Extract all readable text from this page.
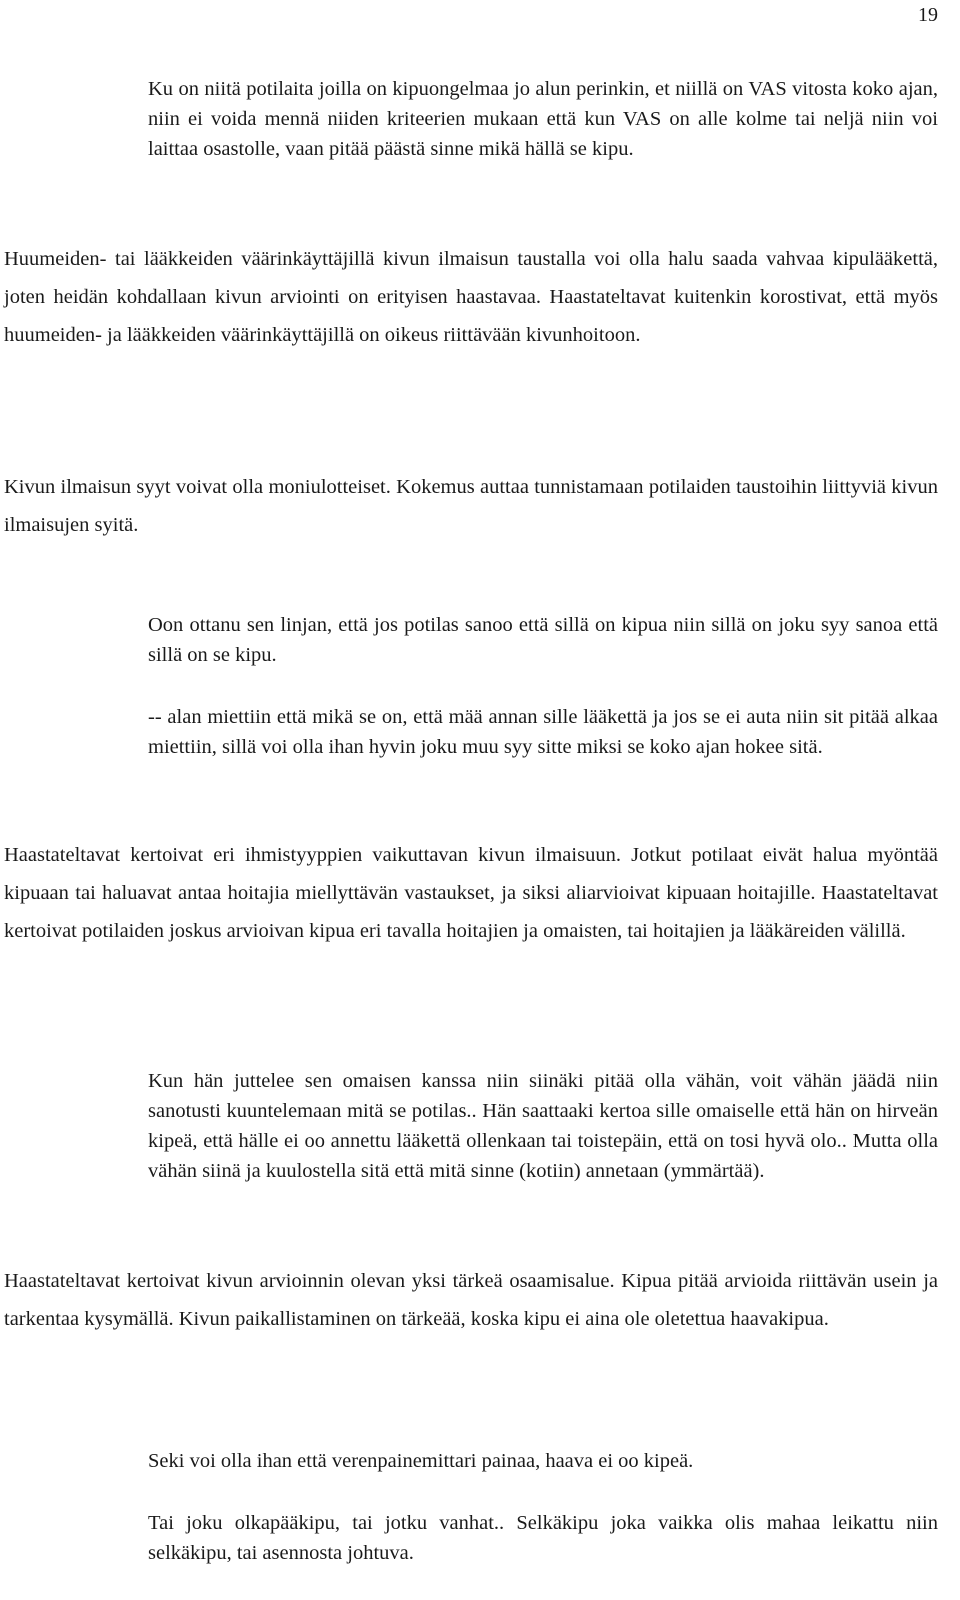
19

Ku on niitä potilaita joilla on kipuongelmaa jo alun perinkin, et niillä on VAS vitosta koko ajan, niin ei voida mennä niiden kriteerien mukaan että kun VAS on alle kolme tai neljä niin voi laittaa osastolle, vaan pitää päästä sinne mikä hällä se kipu.

Huumeiden- tai lääkkeiden väärinkäyttäjillä kivun ilmaisun taustalla voi olla halu saada vahvaa kipulääkettä, joten heidän kohdallaan kivun arviointi on erityisen haastavaa. Haastateltavat kuitenkin korostivat, että myös huumeiden- ja lääkkeiden väärinkäyttäjillä on oikeus riittävään kivunhoitoon.

Kivun ilmaisun syyt voivat olla moniulotteiset. Kokemus auttaa tunnistamaan potilaiden taustoihin liittyviä kivun ilmaisujen syitä.

Oon ottanu sen linjan, että jos potilas sanoo että sillä on kipua niin sillä on joku syy sanoa että sillä on se kipu.

-- alan miettiin että mikä se on, että mää annan sille lääkettä ja jos se ei auta niin sit pitää alkaa miettiin, sillä voi olla ihan hyvin joku muu syy sitte miksi se koko ajan hokee sitä.

Haastateltavat kertoivat eri ihmistyyppien vaikuttavan kivun ilmaisuun. Jotkut potilaat eivät halua myöntää kipuaan tai haluavat antaa hoitajia miellyttävän vastaukset, ja siksi aliarvioivat kipuaan hoitajille. Haastateltavat kertoivat potilaiden joskus arvioivan kipua eri tavalla hoitajien ja omaisten, tai hoitajien ja lääkäreiden välillä.

Kun hän juttelee sen omaisen kanssa niin siinäki pitää olla vähän, voit vähän jäädä niin sanotusti kuuntelemaan mitä se potilas.. Hän saattaaki kertoa sille omaiselle että hän on hirveän kipeä, että hälle ei oo annettu lääkettä ollenkaan tai toistepäin, että on tosi hyvä olo.. Mutta olla vähän siinä ja kuulostella sitä että mitä sinne (kotiin) annetaan (ymmärtää).

Haastateltavat kertoivat kivun arvioinnin olevan yksi tärkeä osaamisalue. Kipua pitää arvioida riittävän usein ja tarkentaa kysymällä. Kivun paikallistaminen on tärkeää, koska kipu ei aina ole oletettua haavakipua.

Seki voi olla ihan että verenpainemittari painaa, haava ei oo kipeä.

Tai joku olkapääkipu, tai jotku vanhat.. Selkäkipu joka vaikka olis mahaa leikattu niin selkäkipu, tai asennosta johtuva.
